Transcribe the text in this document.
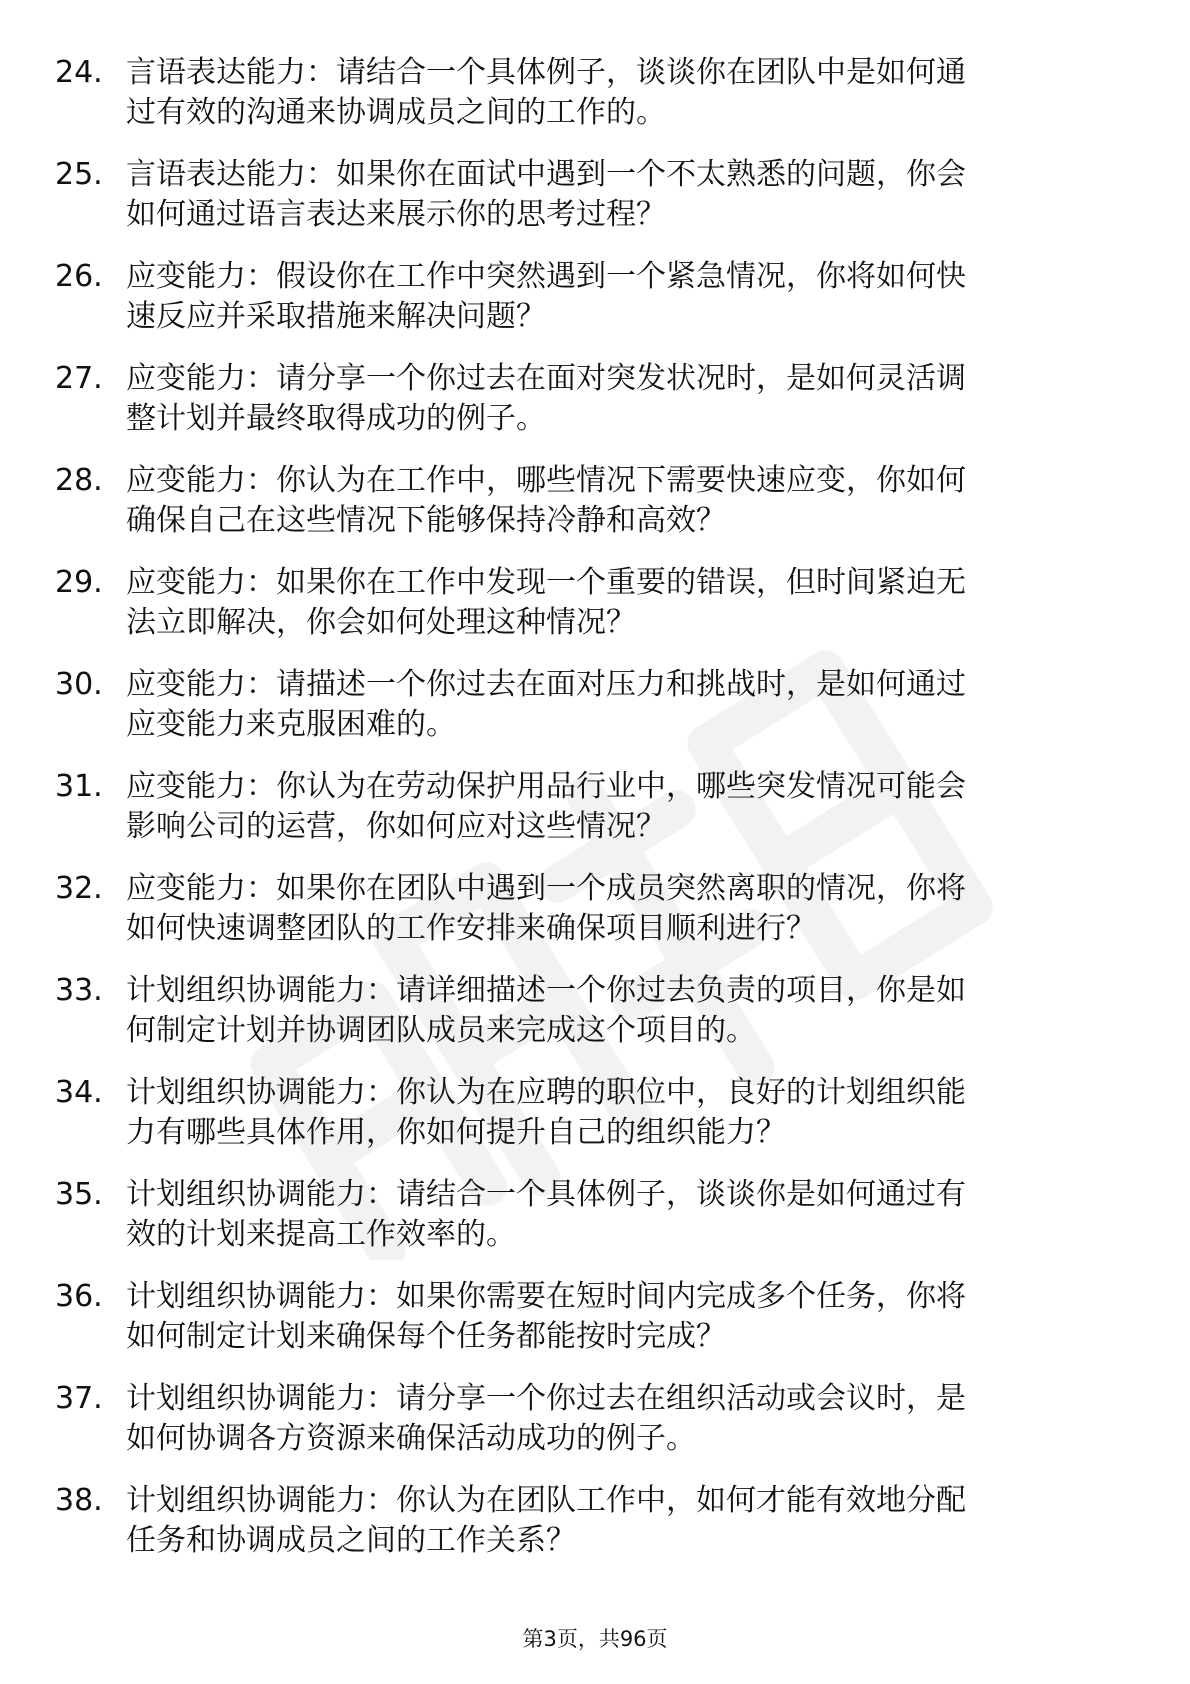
24. 言语表达能力：请结合一个具体例子，谈谈你在团队中是如何通
过有效的沟通来协调成员之间的工作的。
25. 言语表达能力：如果你在面试中遇到一个不太熟悉的问题，你会
如何通过语言表达来展示你的思考过程？
26. 应变能力：假设你在工作中突然遇到一个紧急情况，你将如何快
速反应并采取措施来解决问题？
27. 应变能力：请分享一个你过去在面对突发状况时，是如何灵活调
整计划并最终取得成功的例子。
28. 应变能力：你认为在工作中，哪些情况下需要快速应变，你如何
确保自己在这些情况下能够保持冷静和高效？
29. 应变能力：如果你在工作中发现一个重要的错误，但时间紧迫无
法立即解决，你会如何处理这种情况？
30. 应变能力：请描述一个你过去在面对压力和挑战时，是如何通过
应变能力来克服困难的。
31. 应变能力：你认为在劳动保护用品行业中，哪些突发情况可能会
影响公司的运营，你如何应对这些情况？
32. 应变能力：如果你在团队中遇到一个成员突然离职的情况，你将
如何快速调整团队的工作安排来确保项目顺利进行？
33. 计划组织协调能力：请详细描述一个你过去负责的项目，你是如
何制定计划并协调团队成员来完成这个项目的。
34. 计划组织协调能力：你认为在应聘的职位中，良好的计划组织能
力有哪些具体作用，你如何提升自己的组织能力？
35. 计划组织协调能力：请结合一个具体例子，谈谈你是如何通过有
效的计划来提高工作效率的。
36. 计划组织协调能力：如果你需要在短时间内完成多个任务，你将
如何制定计划来确保每个任务都能按时完成？
37. 计划组织协调能力：请分享一个你过去在组织活动或会议时，是
如何协调各方资源来确保活动成功的例子。
38. 计划组织协调能力：你认为在团队工作中，如何才能有效地分配
任务和协调成员之间的工作关系？
第3页，共96页
